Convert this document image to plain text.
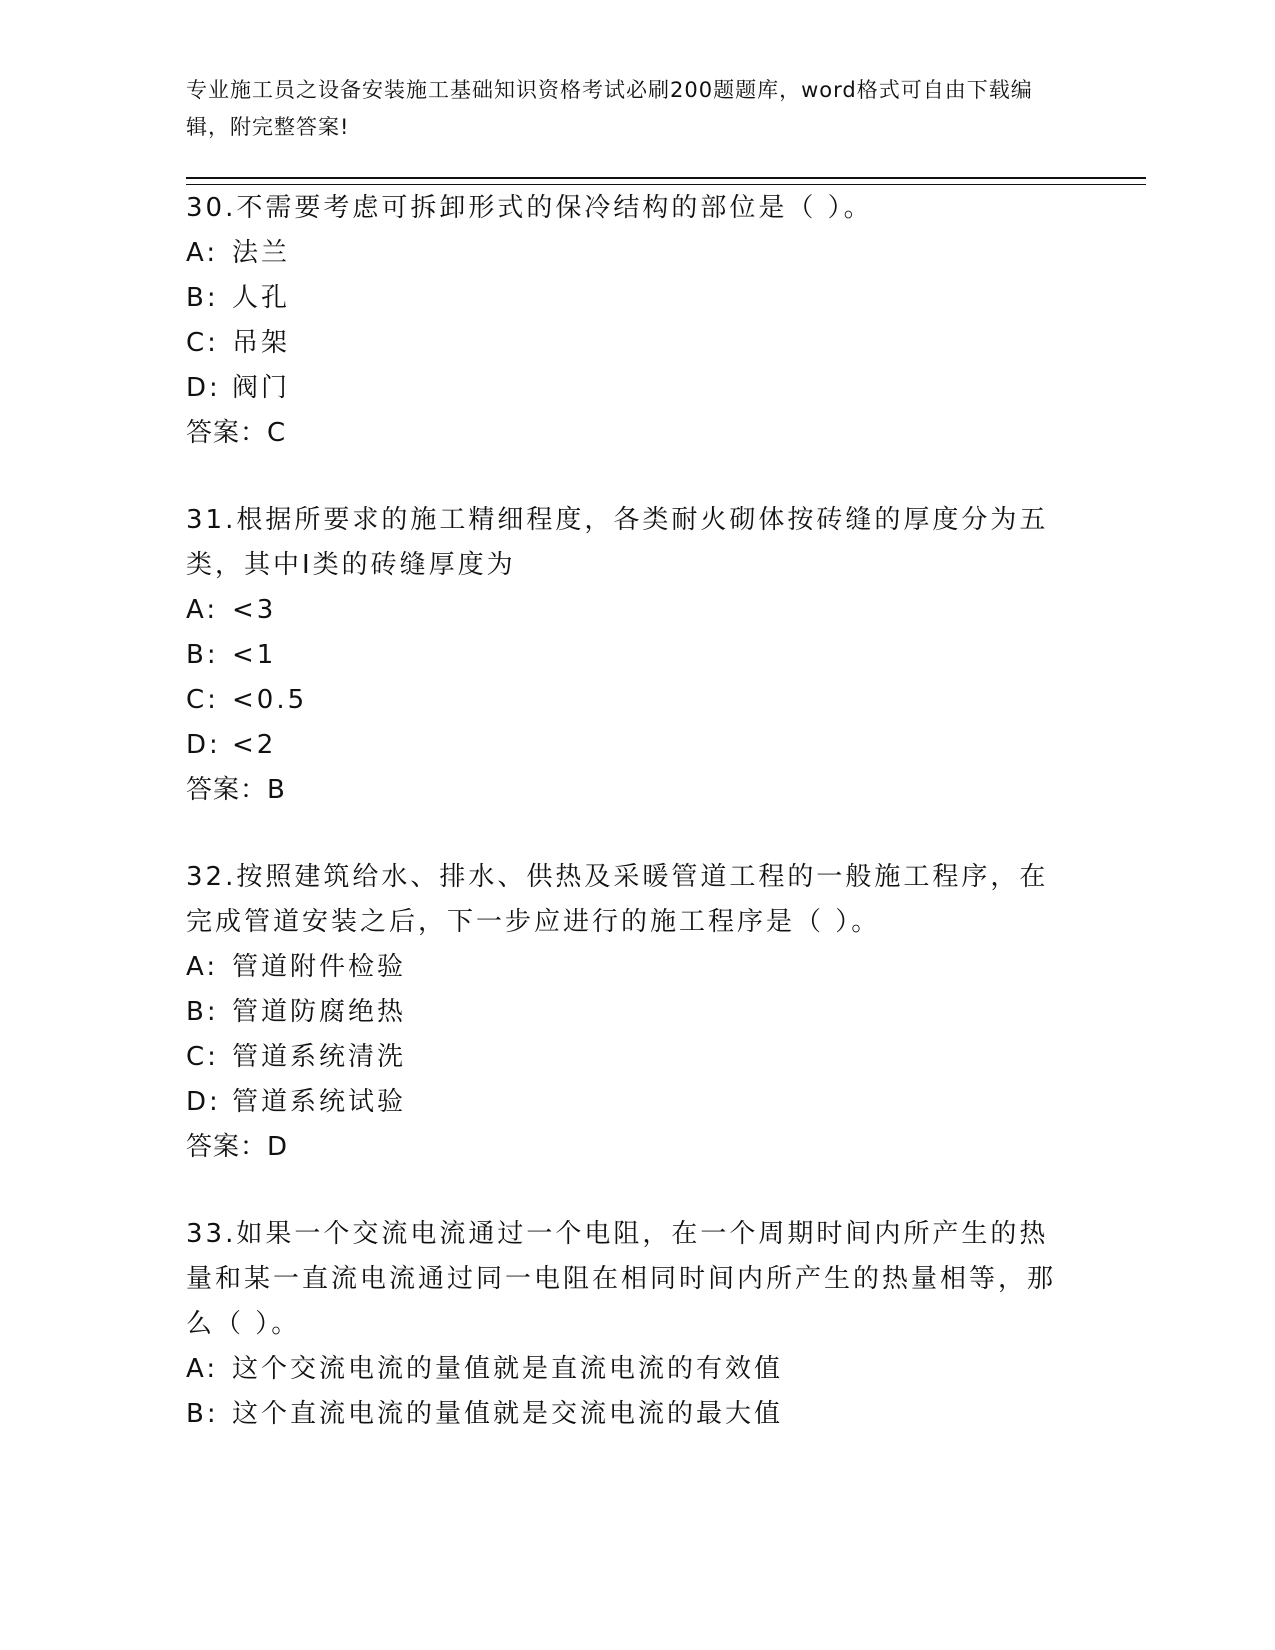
专业施工员之设备安装施工基础知识资格考试必刷200题题库，word格式可自由下载编辑，附完整答案!

30.不需要考虑可拆卸形式的保冷结构的部位是（ ）。

A: 法兰
B: 人孔
C: 吊架
D: 阀门
答案：C

31.根据所要求的施工精细程度，各类耐火砌体按砖缝的厚度分为五类，其中Ⅰ类的砖缝厚度为

A: <3
B: <1
C: <0.5
D: <2
答案：B

32.按照建筑给水、排水、供热及采暖管道工程的一般施工程序，在完成管道安装之后，下一步应进行的施工程序是（ ）。

A: 管道附件检验
B: 管道防腐绝热
C: 管道系统清洗
D: 管道系统试验
答案：D

33.如果一个交流电流通过一个电阻，在一个周期时间内所产生的热量和某一直流电流通过同一电阻在相同时间内所产生的热量相等，那么（ ）。

A: 这个交流电流的量值就是直流电流的有效值
B: 这个直流电流的量值就是交流电流的最大值
